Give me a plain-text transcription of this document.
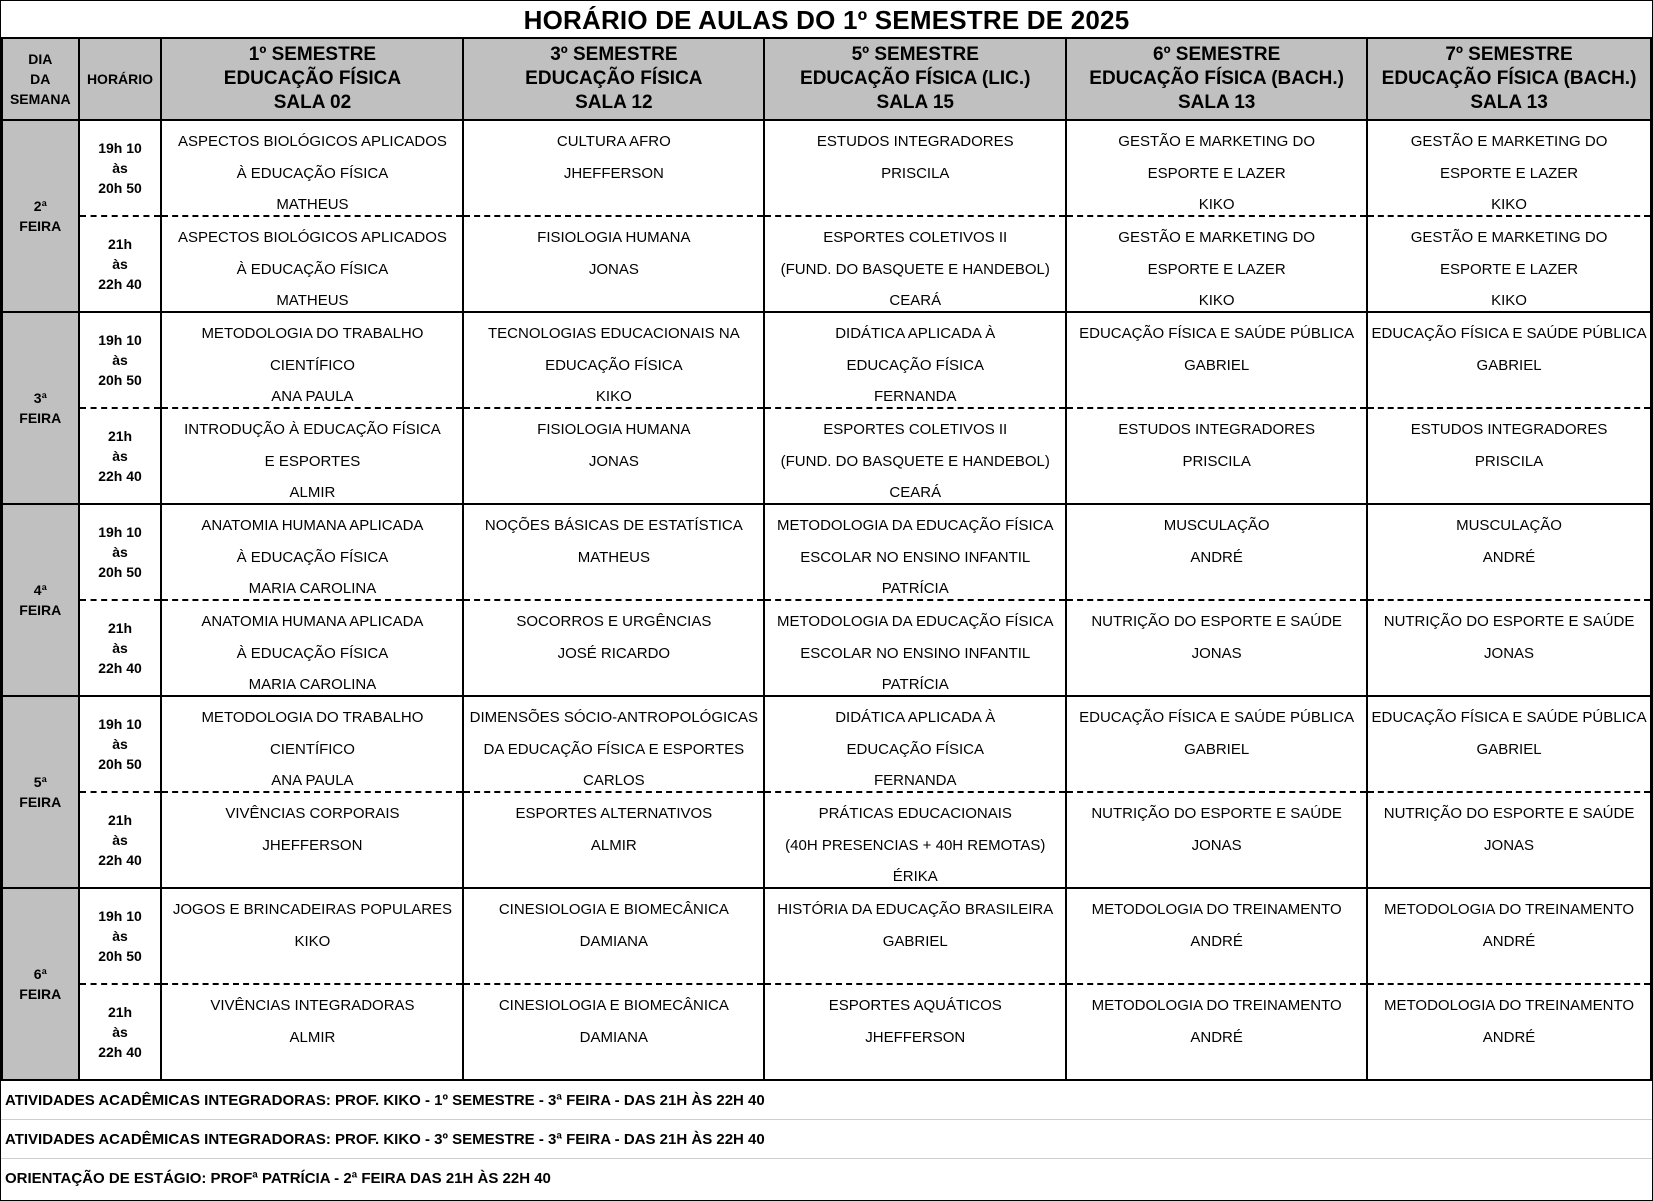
HORÁRIO DE AULAS DO 1º SEMESTRE DE 2025
DIA
DA
SEMANA	HORÁRIO	1º SEMESTRE
EDUCAÇÃO FÍSICA
SALA 02	3º SEMESTRE
EDUCAÇÃO FÍSICA
SALA 12	5º SEMESTRE
EDUCAÇÃO FÍSICA (LIC.)
SALA 15	6º SEMESTRE
EDUCAÇÃO FÍSICA (BACH.)
SALA 13	7º SEMESTRE
EDUCAÇÃO FÍSICA (BACH.)
SALA 13

2ª
FEIRA	19h 10
às
20h 50	ASPECTOS BIOLÓGICOS APLICADOS
À EDUCAÇÃO FÍSICA
MATHEUS	CULTURA AFRO
JHEFFERSON	ESTUDOS INTEGRADORES
PRISCILA	GESTÃO E MARKETING DO
ESPORTE E LAZER
KIKO	GESTÃO E MARKETING DO
ESPORTE E LAZER
KIKO

	21h
às
22h 40	ASPECTOS BIOLÓGICOS APLICADOS
À EDUCAÇÃO FÍSICA
MATHEUS	FISIOLOGIA HUMANA
JONAS	ESPORTES COLETIVOS II
(FUND. DO BASQUETE E HANDEBOL)
CEARÁ	GESTÃO E MARKETING DO
ESPORTE E LAZER
KIKO	GESTÃO E MARKETING DO
ESPORTE E LAZER
KIKO

3ª
FEIRA	19h 10
às
20h 50	METODOLOGIA DO TRABALHO
CIENTÍFICO
ANA PAULA	TECNOLOGIAS EDUCACIONAIS NA
EDUCAÇÃO FÍSICA
KIKO	DIDÁTICA APLICADA À
EDUCAÇÃO FÍSICA
FERNANDA	EDUCAÇÃO FÍSICA E SAÚDE PÚBLICA
GABRIEL	EDUCAÇÃO FÍSICA E SAÚDE PÚBLICA
GABRIEL

	21h
às
22h 40	INTRODUÇÃO À EDUCAÇÃO FÍSICA
E ESPORTES
ALMIR	FISIOLOGIA HUMANA
JONAS	ESPORTES COLETIVOS II
(FUND. DO BASQUETE E HANDEBOL)
CEARÁ	ESTUDOS INTEGRADORES
PRISCILA	ESTUDOS INTEGRADORES
PRISCILA

4ª
FEIRA	19h 10
às
20h 50	ANATOMIA HUMANA APLICADA
À EDUCAÇÃO FÍSICA
MARIA CAROLINA	NOÇÕES BÁSICAS DE ESTATÍSTICA
MATHEUS	METODOLOGIA DA EDUCAÇÃO FÍSICA
ESCOLAR NO ENSINO INFANTIL
PATRÍCIA	MUSCULAÇÃO
ANDRÉ	MUSCULAÇÃO
ANDRÉ

	21h
às
22h 40	ANATOMIA HUMANA APLICADA
À EDUCAÇÃO FÍSICA
MARIA CAROLINA	SOCORROS E URGÊNCIAS
JOSÉ RICARDO	METODOLOGIA DA EDUCAÇÃO FÍSICA
ESCOLAR NO ENSINO INFANTIL
PATRÍCIA	NUTRIÇÃO DO ESPORTE E SAÚDE
JONAS	NUTRIÇÃO DO ESPORTE E SAÚDE
JONAS

5ª
FEIRA	19h 10
às
20h 50	METODOLOGIA DO TRABALHO
CIENTÍFICO
ANA PAULA	DIMENSÕES SÓCIO-ANTROPOLÓGICAS
DA EDUCAÇÃO FÍSICA E ESPORTES
CARLOS	DIDÁTICA APLICADA À
EDUCAÇÃO FÍSICA
FERNANDA	EDUCAÇÃO FÍSICA E SAÚDE PÚBLICA
GABRIEL	EDUCAÇÃO FÍSICA E SAÚDE PÚBLICA
GABRIEL

	21h
às
22h 40	VIVÊNCIAS CORPORAIS
JHEFFERSON	ESPORTES ALTERNATIVOS
ALMIR	PRÁTICAS EDUCACIONAIS
(40H PRESENCIAS + 40H REMOTAS)
ÉRIKA	NUTRIÇÃO DO ESPORTE E SAÚDE
JONAS	NUTRIÇÃO DO ESPORTE E SAÚDE
JONAS

6ª
FEIRA	19h 10
às
20h 50	JOGOS E BRINCADEIRAS POPULARES
KIKO	CINESIOLOGIA E BIOMECÂNICA
DAMIANA	HISTÓRIA DA EDUCAÇÃO BRASILEIRA
GABRIEL	METODOLOGIA DO TREINAMENTO
ANDRÉ	METODOLOGIA DO TREINAMENTO
ANDRÉ

	21h
às
22h 40	VIVÊNCIAS INTEGRADORAS
ALMIR	CINESIOLOGIA E BIOMECÂNICA
DAMIANA	ESPORTES AQUÁTICOS
JHEFFERSON	METODOLOGIA DO TREINAMENTO
ANDRÉ	METODOLOGIA DO TREINAMENTO
ANDRÉ
ATIVIDADES ACADÊMICAS INTEGRADORAS: PROF. KIKO - 1º SEMESTRE - 3ª FEIRA - DAS 21H ÀS 22H 40
ATIVIDADES ACADÊMICAS INTEGRADORAS: PROF. KIKO - 3º SEMESTRE - 3ª FEIRA - DAS 21H ÀS 22H 40
ORIENTAÇÃO DE ESTÁGIO: PROFª PATRÍCIA - 2ª FEIRA DAS 21H ÀS 22H 40
